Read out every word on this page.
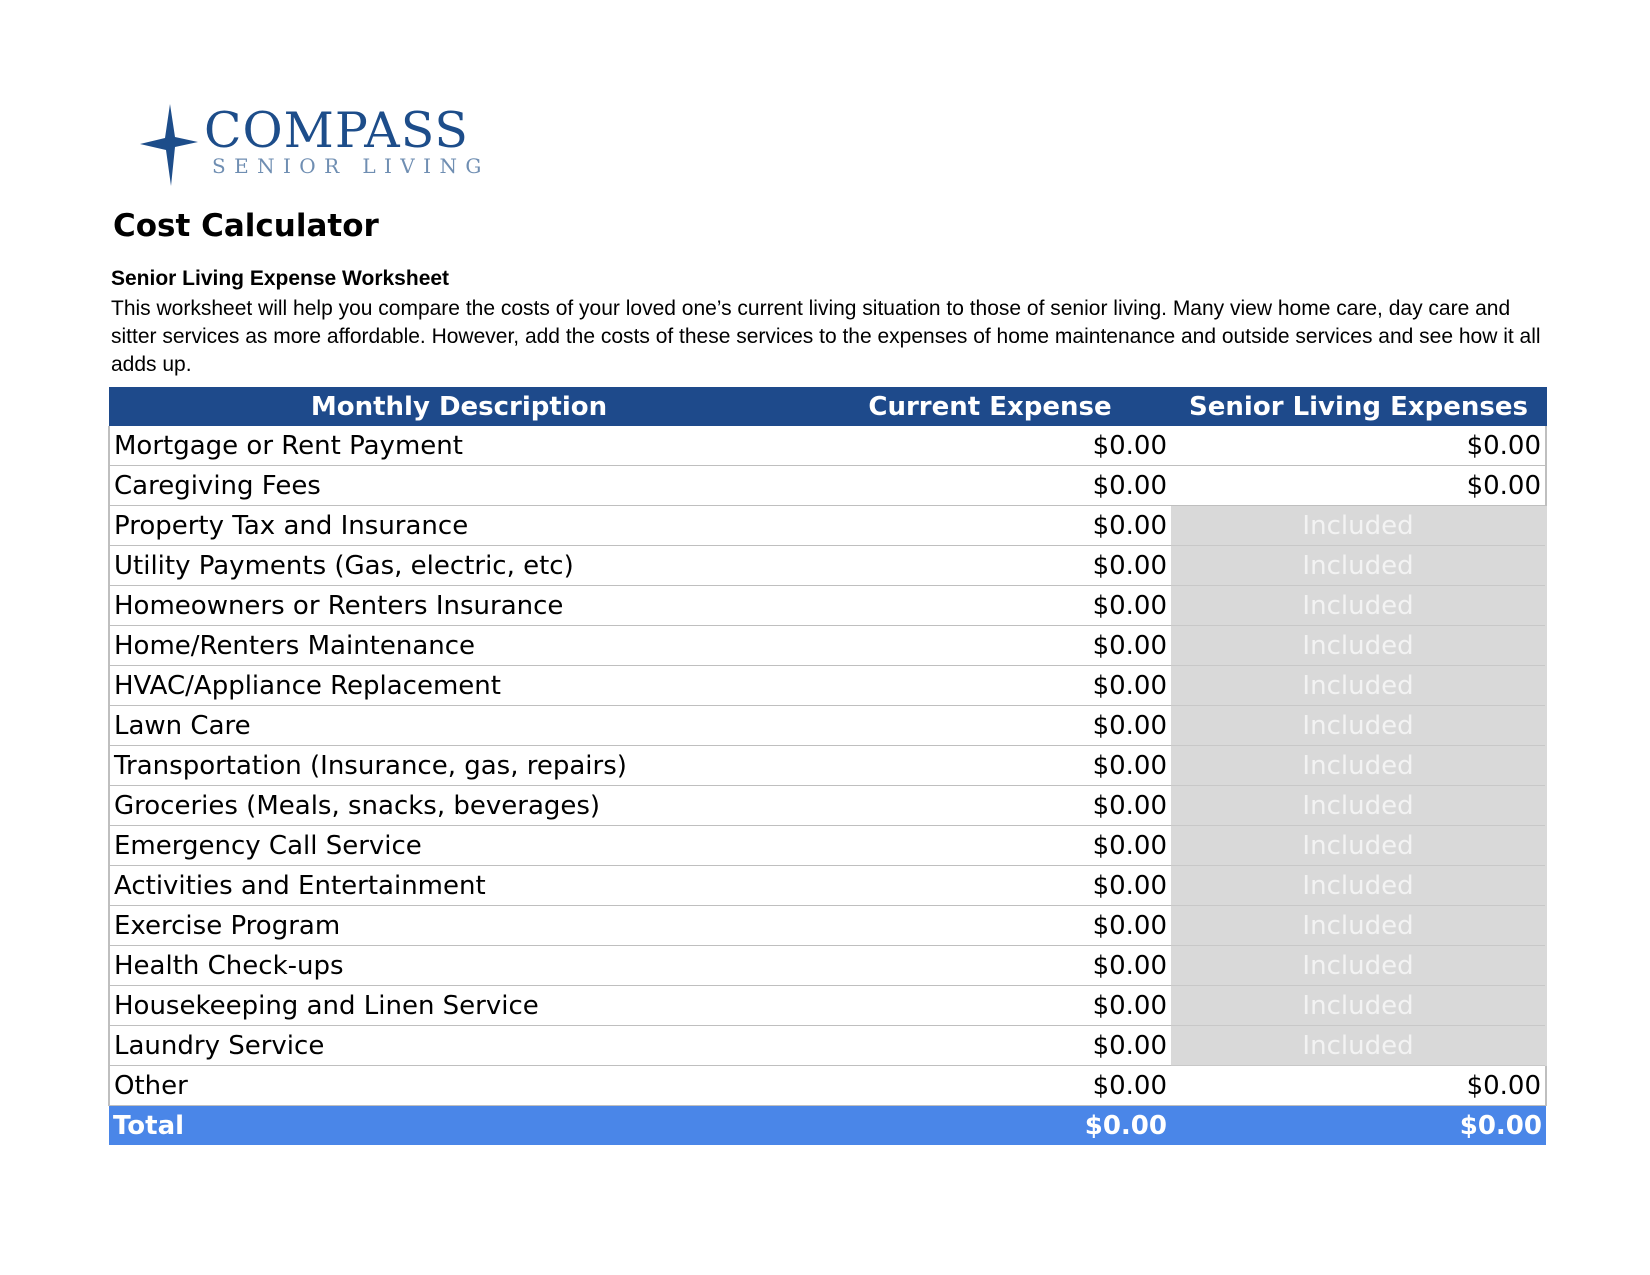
COMPASS
SENIOR LIVING
Cost Calculator
Senior Living Expense Worksheet
This worksheet will help you compare the costs of your loved one’s current living situation to those of senior living. Many view home care, day care and sitter services as more affordable. However, add the costs of these services to the expenses of home maintenance and outside services and see how it all adds up.
Monthly Description	Current Expense	Senior Living Expenses
Mortgage or Rent Payment	$0.00	$0.00
Caregiving Fees	$0.00	$0.00
Property Tax and Insurance	$0.00	Included
Utility Payments (Gas, electric, etc)	$0.00	Included
Homeowners or Renters Insurance	$0.00	Included
Home/Renters Maintenance	$0.00	Included
HVAC/Appliance Replacement	$0.00	Included
Lawn Care	$0.00	Included
Transportation (Insurance, gas, repairs)	$0.00	Included
Groceries (Meals, snacks, beverages)	$0.00	Included
Emergency Call Service	$0.00	Included
Activities and Entertainment	$0.00	Included
Exercise Program	$0.00	Included
Health Check-ups	$0.00	Included
Housekeeping and Linen Service	$0.00	Included
Laundry Service	$0.00	Included
Other	$0.00	$0.00
Total	$0.00	$0.00
